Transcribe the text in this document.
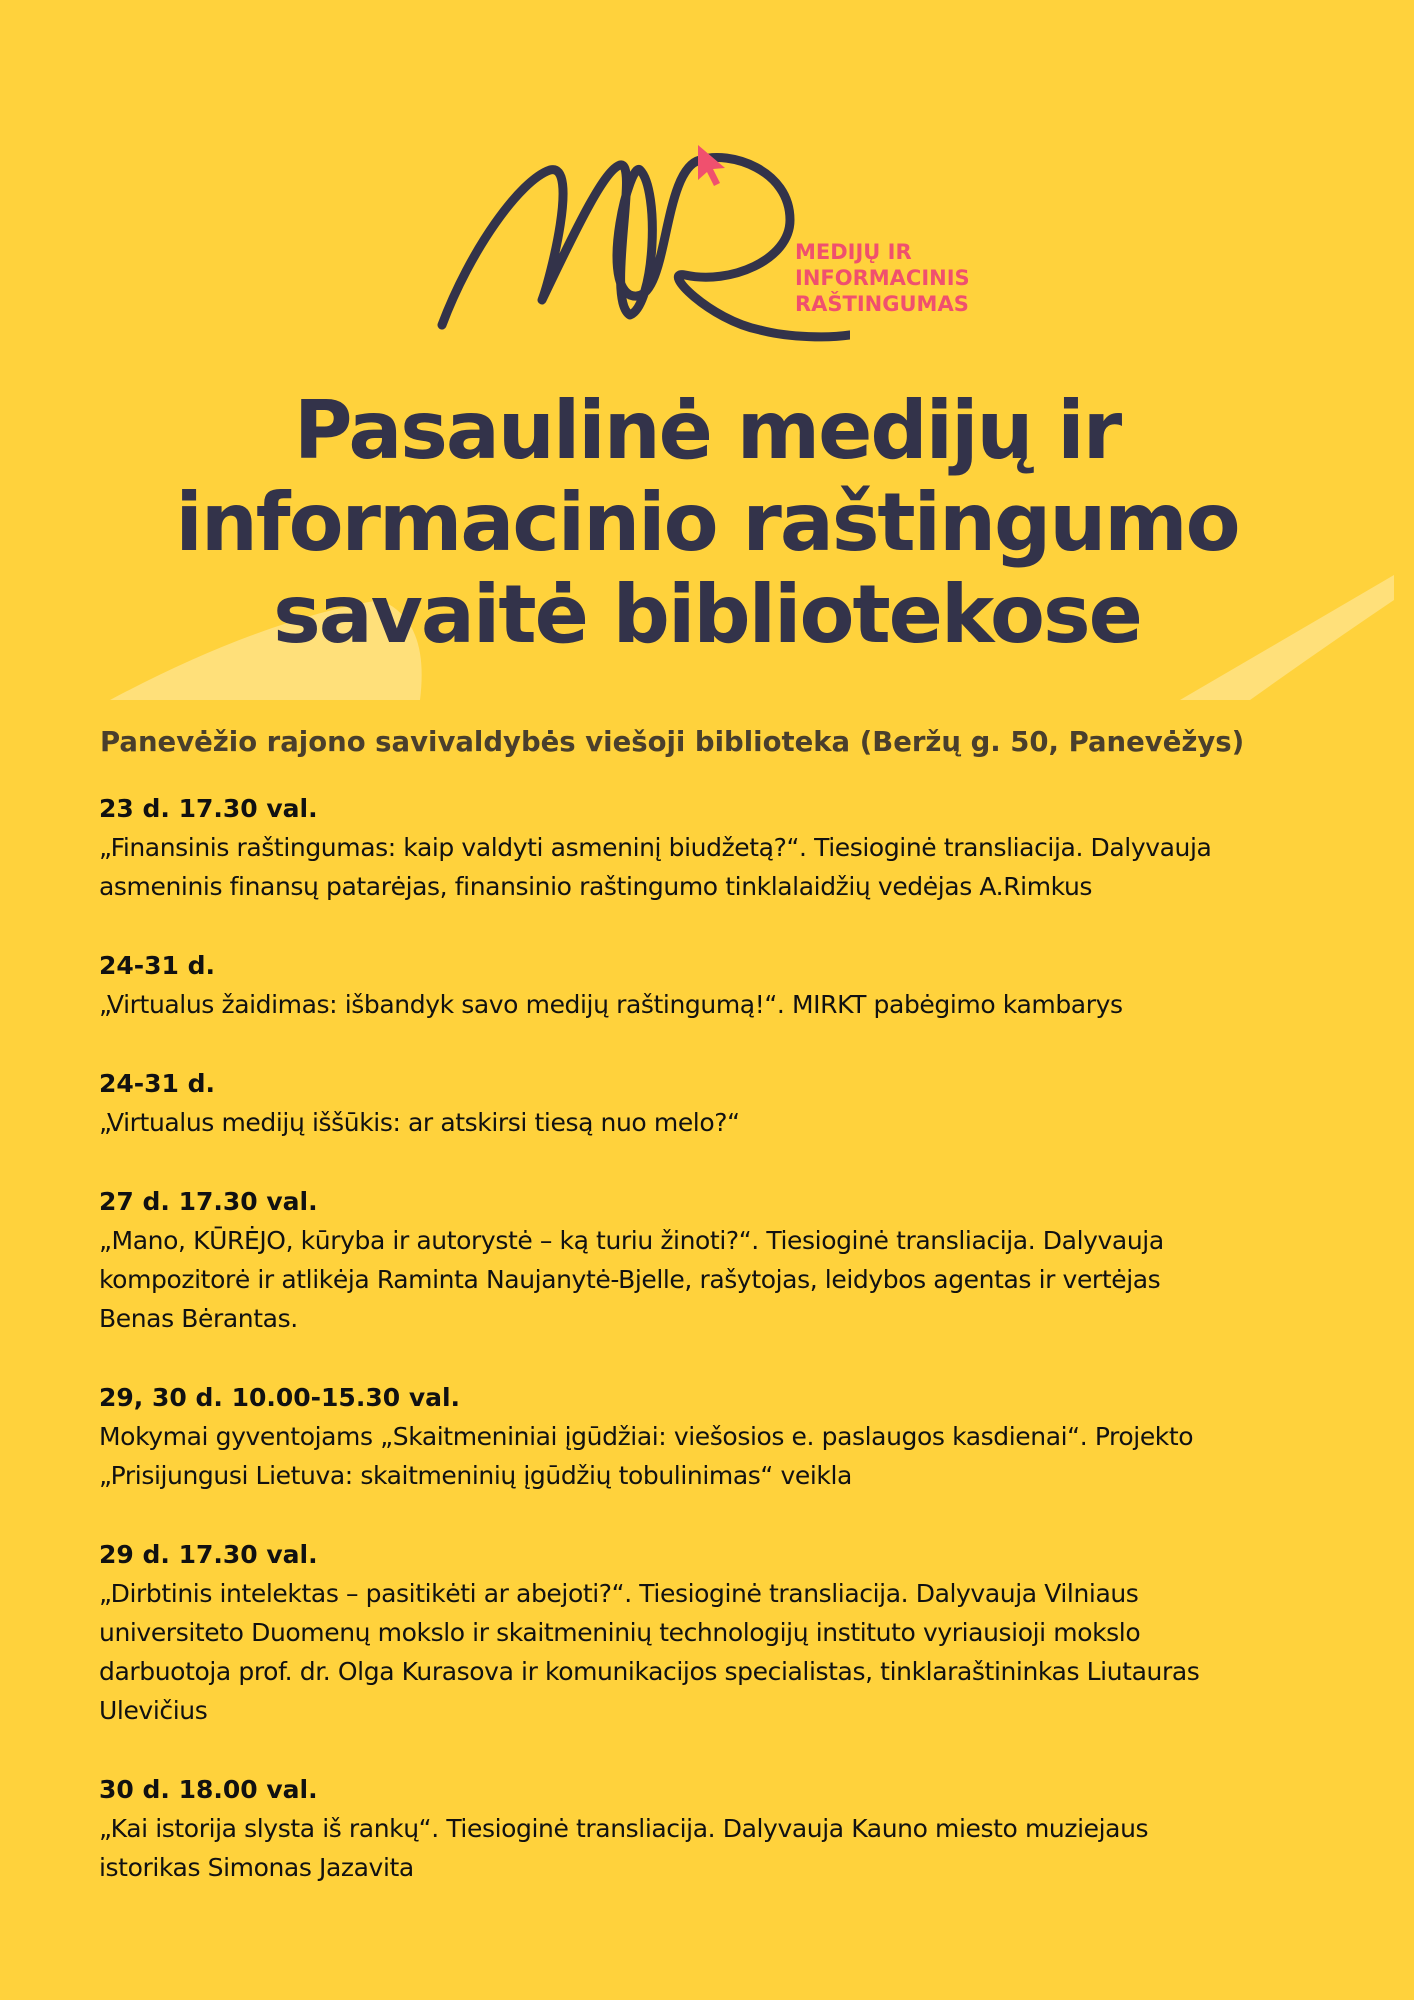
MEDIJŲ IR
INFORMACINIS
RAŠTINGUMAS
Pasaulinė medijų ir
informacinio raštingumo
savaitė bibliotekose
Panevėžio rajono savivaldybės viešoji biblioteka (Beržų g. 50, Panevėžys)
23 d. 17.30 val.
„Finansinis raštingumas: kaip valdyti asmeninį biudžetą?“. Tiesioginė transliacija. Dalyvauja
asmeninis finansų patarėjas, finansinio raštingumo tinklalaidžių vedėjas A.Rimkus
24-31 d.
„Virtualus žaidimas: išbandyk savo medijų raštingumą!“. MIRKT pabėgimo kambarys
24-31 d.
„Virtualus medijų iššūkis: ar atskirsi tiesą nuo melo?“
27 d. 17.30 val.
„Mano, KŪRĖJO, kūryba ir autorystė – ką turiu žinoti?“. Tiesioginė transliacija. Dalyvauja
kompozitorė ir atlikėja Raminta Naujanytė-Bjelle, rašytojas, leidybos agentas ir vertėjas
Benas Bėrantas.
29, 30 d. 10.00-15.30 val.
Mokymai gyventojams „Skaitmeniniai įgūdžiai: viešosios e. paslaugos kasdienai“. Projekto
„Prisijungusi Lietuva: skaitmeninių įgūdžių tobulinimas“ veikla
29 d. 17.30 val.
„Dirbtinis intelektas – pasitikėti ar abejoti?“. Tiesioginė transliacija. Dalyvauja Vilniaus
universiteto Duomenų mokslo ir skaitmeninių technologijų instituto vyriausioji mokslo
darbuotoja prof. dr. Olga Kurasova ir komunikacijos specialistas, tinklaraštininkas Liutauras
Ulevičius
30 d. 18.00 val.
„Kai istorija slysta iš rankų“. Tiesioginė transliacija. Dalyvauja Kauno miesto muziejaus
istorikas Simonas Jazavita
